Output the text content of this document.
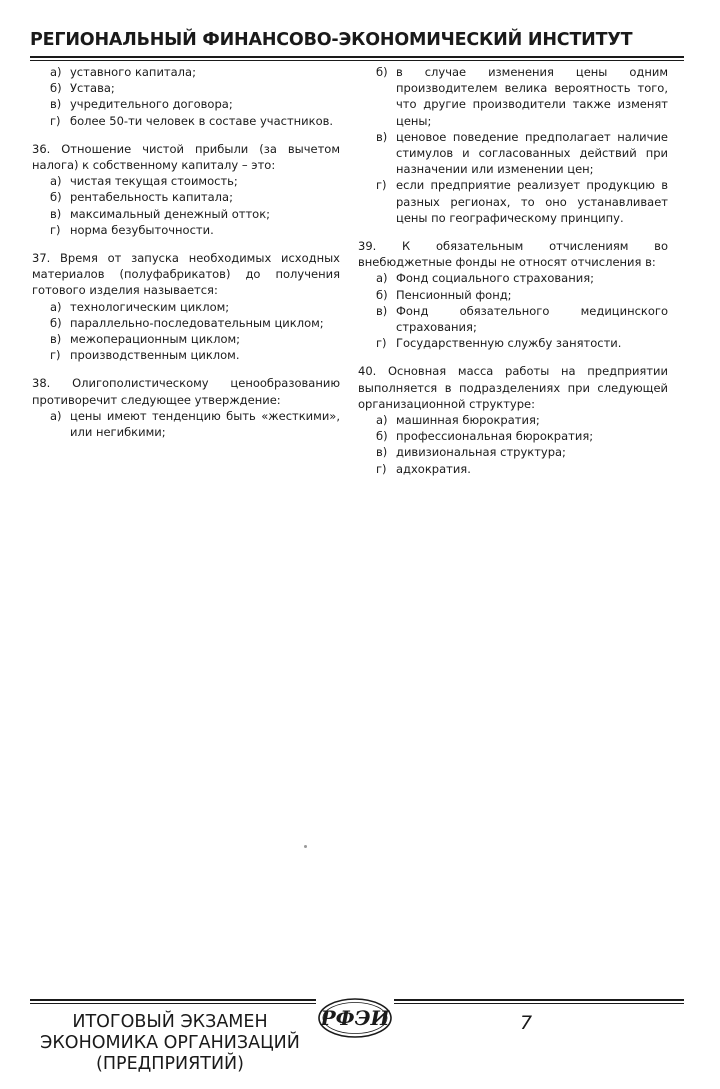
РЕГИОНАЛЬНЫЙ ФИНАНСОВО-ЭКОНОМИЧЕСКИЙ ИНСТИТУТ
а) уставного капитала;
б) Устава;
в) учредительного договора;
г) более 50-ти человек в составе участников.
36. Отношение чистой прибыли (за вычетом налога) к собственному капиталу – это:
а) чистая текущая стоимость;
б) рентабельность капитала;
в) максимальный денежный отток;
г) норма безубыточности.
37. Время от запуска необходимых исходных материалов (полуфабрикатов) до получения готового изделия называется:
а) технологическим циклом;
б) параллельно-последовательным циклом;
в) межоперационным циклом;
г) производственным циклом.
38. Олигополистическому ценообразованию противоречит следующее утверждение:
а) цены имеют тенденцию быть «жесткими», или негибкими;
б) в случае изменения цены одним производителем велика вероятность того, что другие производители также изменят цены;
в) ценовое поведение предполагает наличие стимулов и согласованных действий при назначении или изменении цен;
г) если предприятие реализует продукцию в разных регионах, то оно устанавливает цены по географическому принципу.
39. К обязательным отчислениям во внебюджетные фонды не относят отчисления в:
а) Фонд социального страхования;
б) Пенсионный фонд;
в) Фонд обязательного медицинского страхования;
г) Государственную службу занятости.
40. Основная масса работы на предприятии выполняется в подразделениях при следующей организационной структуре:
а) машинная бюрократия;
б) профессиональная бюрократия;
в) дивизиональная структура;
г) адхократия.
ИТОГОВЫЙ ЭКЗАМЕН
ЭКОНОМИКА ОРГАНИЗАЦИЙ
(ПРЕДПРИЯТИЙ)
РФЭИ	7
